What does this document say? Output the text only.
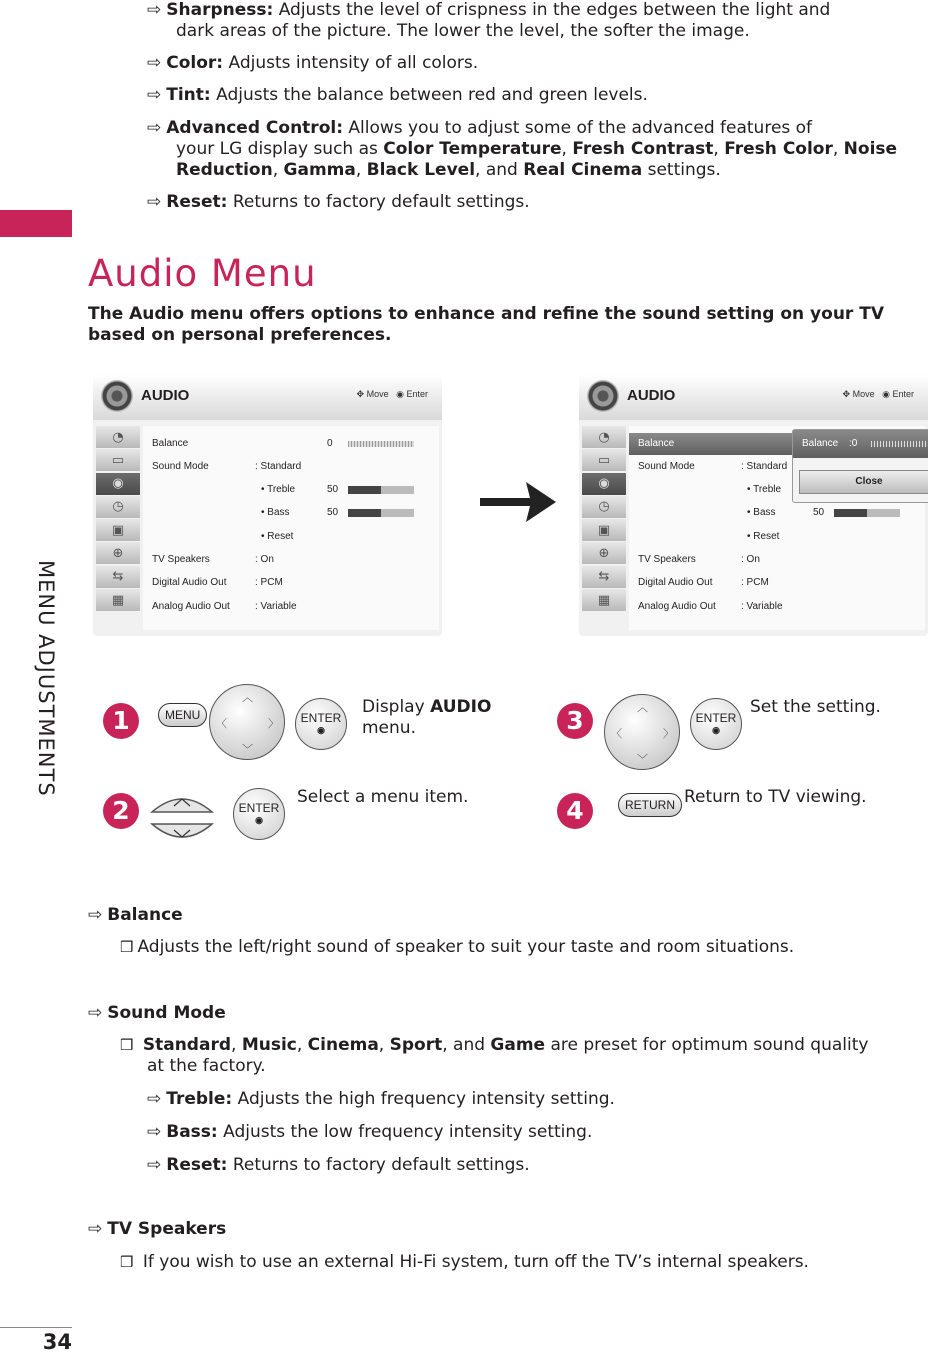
MENU ADJUSTMENTS
34
⇨ Sharpness: Adjusts the level of crispness in the edges between the light and
dark areas of the picture. The lower the level, the softer the image.
⇨ Color: Adjusts intensity of all colors.
⇨ Tint: Adjusts the balance between red and green levels.
⇨ Advanced Control: Allows you to adjust some of the advanced features of
your LG display such as Color Temperature, Fresh Contrast, Fresh Color, Noise
Reduction, Gamma, Black Level, and Real Cinema settings.
⇨ Reset: Returns to factory default settings.
Audio Menu
The Audio menu offers options to enhance and refine the sound setting on your TV
based on personal preferences.
AUDIO	✥ Move ◉ Enter
◔
▭
◉
◷
▣
⊕
⇆
▦
Balance	0
Sound Mode	: Standard
• Treble	50
• Bass	50
• Reset
TV Speakers	: On
Digital Audio Out	: PCM
Analog Audio Out	: Variable
AUDIO	✥ Move ◉ Enter
◔
▭
◉
◷
▣
⊕
⇆
▦
Balance
Sound Mode	: Standard
• Treble
• Bass	50
• Reset
TV Speakers	: On
Digital Audio Out	: PCM
Analog Audio Out	: Variable
Balance :0
Close
1	MENU
︿
﹀
〈	〉	ENTER
◉
Display AUDIO
menu.
2	ENTER
◉
Select a menu item.
3	︿
﹀
〈	〉
ENTER
◉
Set the setting.
4	RETURN Return to TV viewing.
⇨ Balance
❒ Adjusts the left/right sound of speaker to suit your taste and room situations.
⇨ Sound Mode
❒ Standard, Music, Cinema, Sport, and Game are preset for optimum sound quality
at the factory.
⇨ Treble: Adjusts the high frequency intensity setting.
⇨ Bass: Adjusts the low frequency intensity setting.
⇨ Reset: Returns to factory default settings.
⇨ TV Speakers
❒ If you wish to use an external Hi-Fi system, turn off the TV’s internal speakers.
